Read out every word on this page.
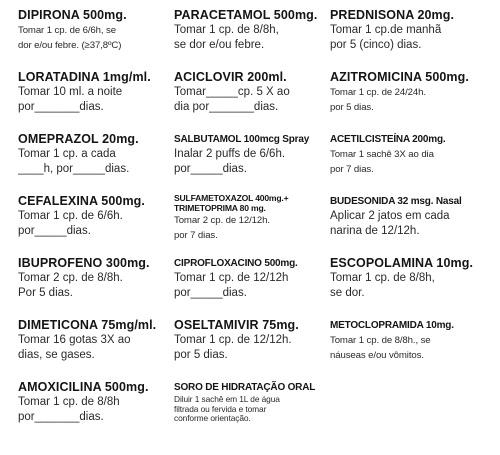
DIPIRONA 500mg.
Tomar 1 cp. de 6/6h, se
dor e/ou febre. (≥37,8ºC)
PARACETAMOL 500mg.
Tomar 1 cp. de 8/8h,
se dor e/ou febre.
PREDNISONA 20mg.
Tomar 1 cp.de manhã
por 5 (cinco) dias.
LORATADINA 1mg/ml.
Tomar 10 ml. a noite
por_______dias.
ACICLOVIR 200ml.
Tomar_____cp. 5 X ao
dia por_______dias.
AZITROMICINA 500mg.
Tomar 1 cp. de 24/24h.
por 5 dias.
OMEPRAZOL 20mg.
Tomar 1 cp. a cada
____h, por_____dias.
SALBUTAMOL 100mcg Spray
Inalar 2 puffs de 6/6h.
por_____dias.
ACETILCISTEÍNA 200mg.
Tomar 1 sachê 3X ao dia
por 7 dias.
CEFALEXINA 500mg.
Tomar 1 cp. de 6/6h.
por_____dias.
SULFAMETOXAZOL 400mg.+
TRIMETOPRIMA 80 mg.
Tomar 2 cp. de 12/12h.
por 7 dias.
BUDESONIDA 32 msg. Nasal
Aplicar 2 jatos em cada
narina de 12/12h.
IBUPROFENO 300mg.
Tomar 2 cp. de 8/8h.
Por 5 dias.
CIPROFLOXACINO 500mg.
Tomar 1 cp. de 12/12h
por_____dias.
ESCOPOLAMINA 10mg.
Tomar 1 cp. de 8/8h,
se dor.
DIMETICONA 75mg/ml.
Tomar 16 gotas 3X ao
dias, se gases.
OSELTAMIVIR 75mg.
Tomar 1 cp. de 12/12h.
por 5 dias.
METOCLOPRAMIDA 10mg.
Tomar 1 cp. de 8/8h., se
náuseas e/ou vômitos.
AMOXICILINA 500mg.
Tomar 1 cp. de 8/8h
por_______dias.
SORO DE HIDRATAÇÃO ORAL
Diluir 1 sachê em 1L de água
filtrada ou fervida e tomar
conforme orientação.
